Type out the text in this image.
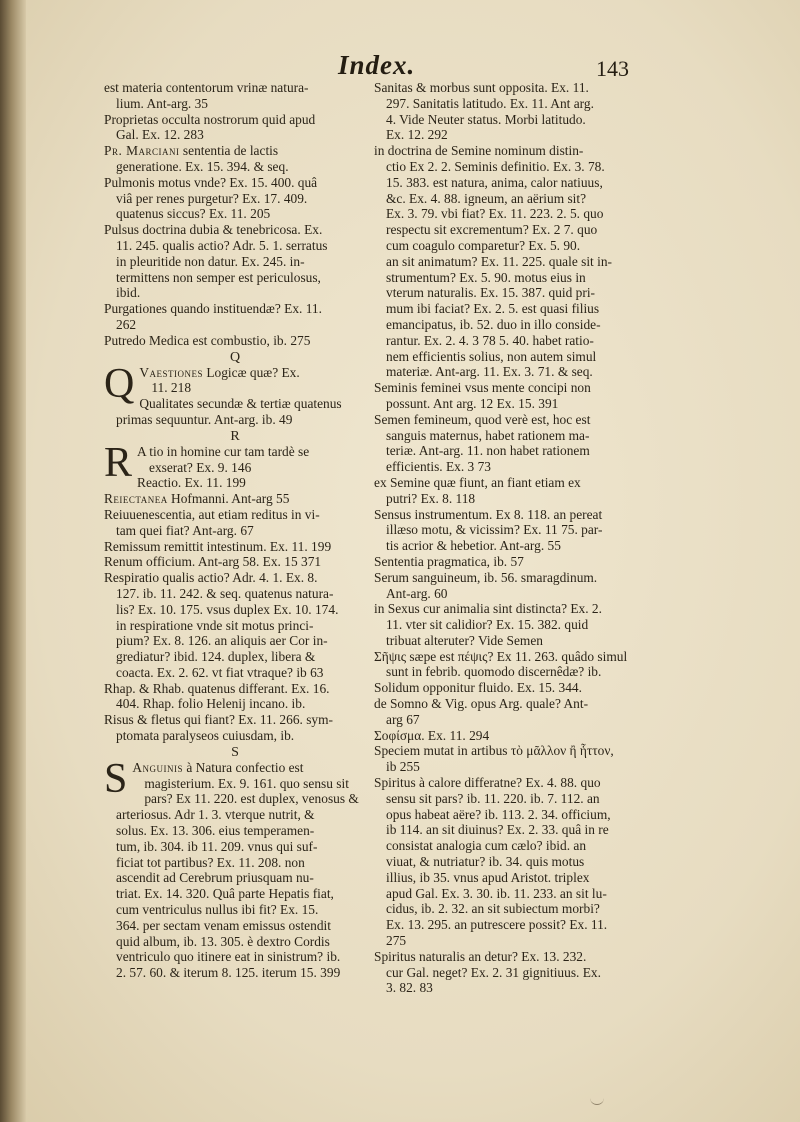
Index.	143
est materia contentorum vrinæ natura-
lium. Ant-arg. 35
Proprietas occulta nostrorum quid apud
Gal. Ex. 12. 283
Pr. Marciani sententia de lactis
generatione. Ex. 15. 394. & seq.
Pulmonis motus vnde? Ex. 15. 400. quâ
viâ per renes purgetur? Ex. 17. 409.
quatenus siccus? Ex. 11. 205
Pulsus doctrina dubia & tenebricosa. Ex.
11. 245. qualis actio? Adr. 5. 1. serratus
in pleuritide non datur. Ex. 245. in-
termittens non semper est periculosus,
ibid.
Purgationes quando instituendæ? Ex. 11.
262
Putredo Medica est combustio, ib. 275
Q
Q Vaestiones Logicæ quæ? Ex.
11. 218
Qualitates secundæ & tertiæ quatenus
primas sequuntur. Ant-arg. ib. 49
R
R A tio in homine cur tam tardè se
exserat? Ex. 9. 146
Reactio. Ex. 11. 199
Reiectanea Hofmanni. Ant-arg 55
Reiuuenescentia, aut etiam reditus in vi-
tam quei fiat? Ant-arg. 67
Remissum remittit intestinum. Ex. 11. 199
Renum officium. Ant-arg 58. Ex. 15 371
Respiratio qualis actio? Adr. 4. 1. Ex. 8.
127. ib. 11. 242. & seq. quatenus natura-
lis? Ex. 10. 175. vsus duplex Ex. 10. 174.
in respiratione vnde sit motus princi-
pium? Ex. 8. 126. an aliquis aer Cor in-
grediatur? ibid. 124. duplex, libera &
coacta. Ex. 2. 62. vt fiat vtraque? ib 63
Rhap. & Rhab. quatenus differant. Ex. 16.
404. Rhap. folio Helenij incano. ib.
Risus & fletus qui fiant? Ex. 11. 266. sym-
ptomata paralyseos cuiusdam, ib.
S
S Anguinis à Natura confectio est
magisterium. Ex. 9. 161. quo sensu sit
pars? Ex 11. 220. est duplex, venosus &
arteriosus. Adr 1. 3. vterque nutrit, &
solus. Ex. 13. 306. eius temperamen-
tum, ib. 304. ib 11. 209. vnus qui suf-
ficiat tot partibus? Ex. 11. 208. non
ascendit ad Cerebrum priusquam nu-
triat. Ex. 14. 320. Quâ parte Hepatis fiat,
cum ventriculus nullus ibi fit? Ex. 15.
364. per sectam venam emissus ostendit
quid album, ib. 13. 305. è dextro Cordis
ventriculo quo itinere eat in sinistrum? ib.
2. 57. 60. & iterum 8. 125. iterum 15. 399
Sanitas & morbus sunt opposita. Ex. 11.
297. Sanitatis latitudo. Ex. 11. Ant arg.
4. Vide Neuter status. Morbi latitudo.
Ex. 12. 292
in doctrina de Semine nominum distin-
ctio Ex 2. 2. Seminis definitio. Ex. 3. 78.
15. 383. est natura, anima, calor natiuus,
&c. Ex. 4. 88. igneum, an aërium sit?
Ex. 3. 79. vbi fiat? Ex. 11. 223. 2. 5. quo
respectu sit excrementum? Ex. 2 7. quo
cum coagulo comparetur? Ex. 5. 90.
an sit animatum? Ex. 11. 225. quale sit in-
strumentum? Ex. 5. 90. motus eius in
vterum naturalis. Ex. 15. 387. quid pri-
mum ibi faciat? Ex. 2. 5. est quasi filius
emancipatus, ib. 52. duo in illo conside-
rantur. Ex. 2. 4. 3 78 5. 40. habet ratio-
nem efficientis solius, non autem simul
materiæ. Ant-arg. 11. Ex. 3. 71. & seq.
Seminis feminei vsus mente concipi non
possunt. Ant arg. 12 Ex. 15. 391
Semen femineum, quod verè est, hoc est
sanguis maternus, habet rationem ma-
teriæ. Ant-arg. 11. non habet rationem
efficientis. Ex. 3 73
ex Semine quæ fiunt, an fiant etiam ex
putri? Ex. 8. 118
Sensus instrumentum. Ex 8. 118. an pereat
illæso motu, & vicissim? Ex. 11 75. par-
tis acrior & hebetior. Ant-arg. 55
Sententia pragmatica, ib. 57
Serum sanguineum, ib. 56. smaragdinum.
Ant-arg. 60
in Sexus cur animalia sint distincta? Ex. 2.
11. vter sit calidior? Ex. 15. 382. quid
tribuat alteruter? Vide Semen
Σῆψις sæpe est πέψις? Ex 11. 263. quâdo simul
sunt in febrib. quomodo discernêdæ? ib.
Solidum opponitur fluido. Ex. 15. 344.
de Somno & Vig. opus Arg. quale? Ant-
arg 67
Σοφίσμα. Ex. 11. 294
Speciem mutat in artibus τὸ μᾶλλον ἢ ἧττον,
ib 255
Spiritus à calore differatne? Ex. 4. 88. quo
sensu sit pars? ib. 11. 220. ib. 7. 112. an
opus habeat aëre? ib. 113. 2. 34. officium,
ib 114. an sit diuinus? Ex. 2. 33. quâ in re
consistat analogia cum cælo? ibid. an
viuat, & nutriatur? ib. 34. quis motus
illius, ib 35. vnus apud Aristot. triplex
apud Gal. Ex. 3. 30. ib. 11. 233. an sit lu-
cidus, ib. 2. 32. an sit subiectum morbi?
Ex. 13. 295. an putrescere possit? Ex. 11.
275
Spiritus naturalis an detur? Ex. 13. 232.
cur Gal. neget? Ex. 2. 31 gignitiuus. Ex.
3. 82. 83
